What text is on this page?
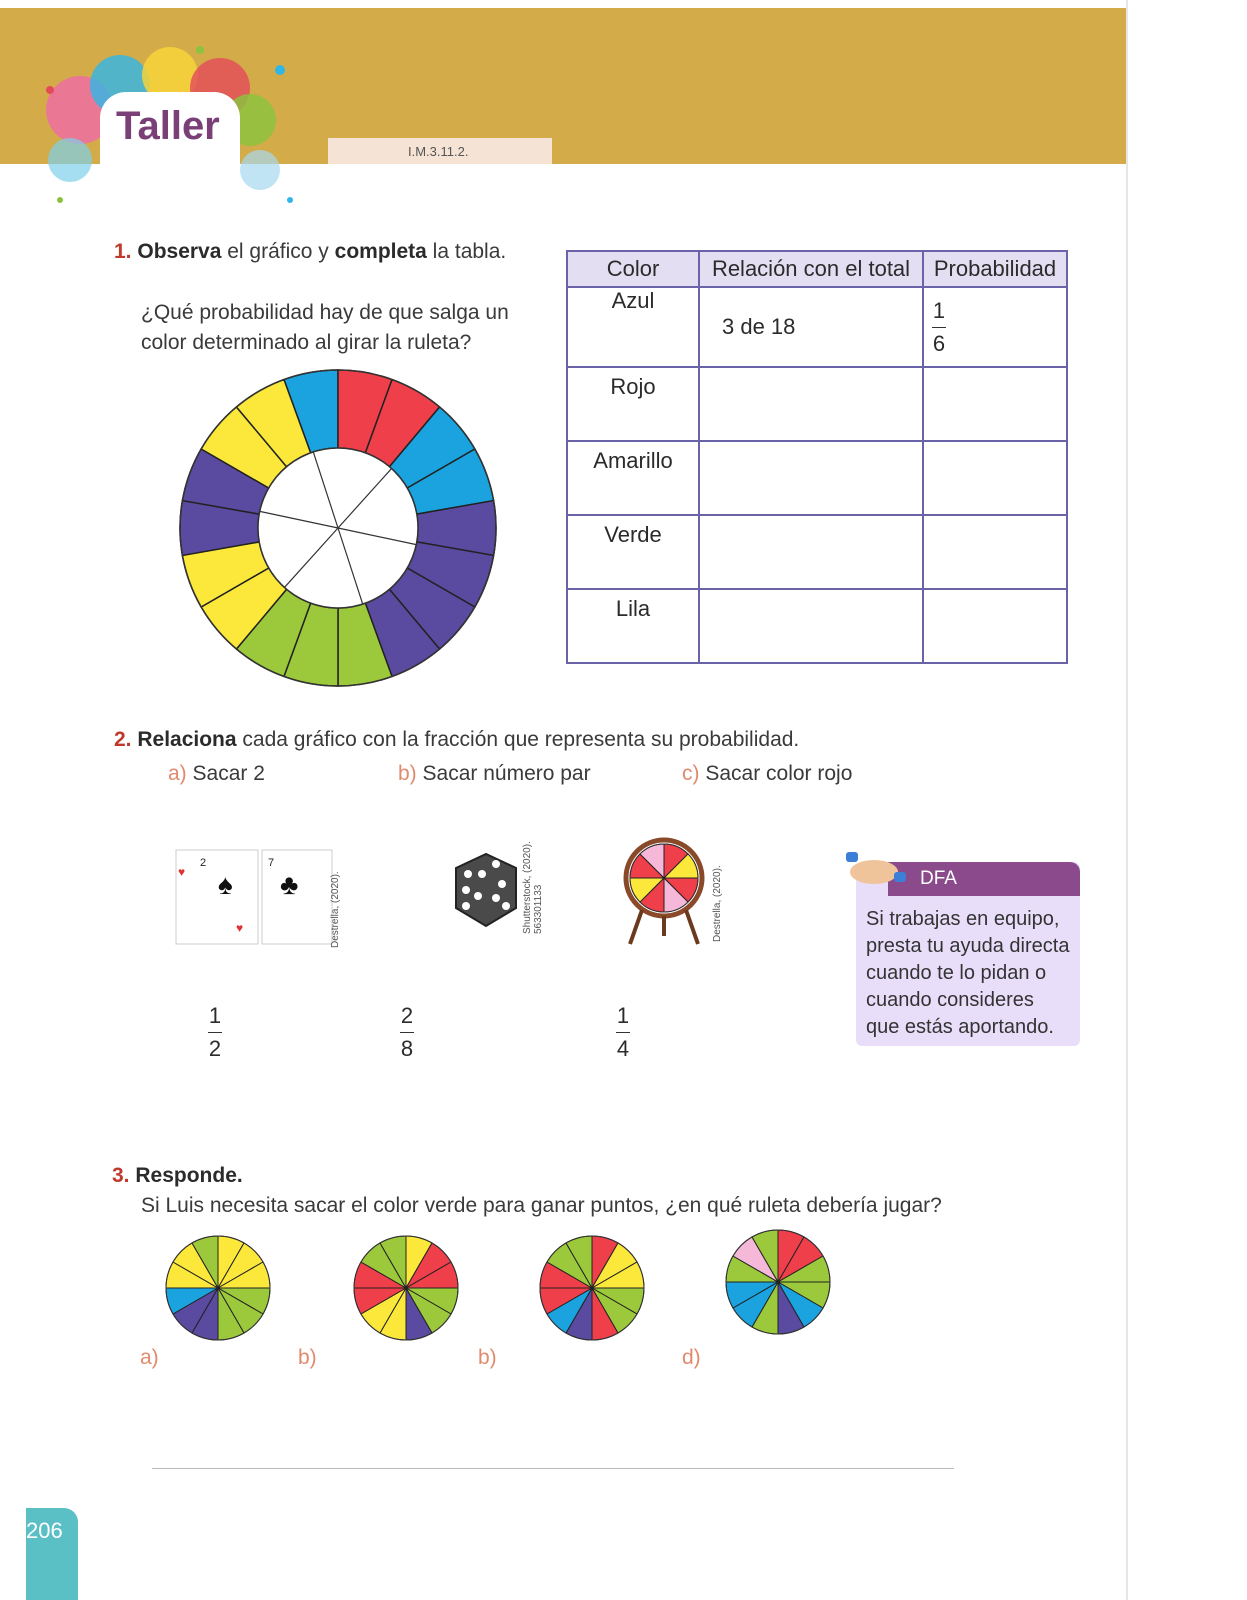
Taller
I.M.3.11.2.
1. Observa el gráfico y completa la tabla.
¿Qué probabilidad hay de que salga un
color determinado al girar la ruleta?
Color	Relación con el total	Probabilidad
Azul	3 de 18	$\frac{1}{6}$

Rojo		
Amarillo		
Verde		
Lila		
2. Relaciona cada gráfico con la fracción que representa su probabilidad.
a) Sacar 2	b) Sacar número par	c) Sacar color rojo
2
♠
7
♣
♥
♥	Destrella, (2020).	Shutterstock, (2020). 563301133	Destrella, (2020).
$\frac{1}{2}$	$\frac{2}{8}$	$\frac{1}{4}$
DFA
Si trabajas en equipo,
presta tu ayuda directa
cuando te lo pidan o
cuando consideres
que estás aportando.
3. Responde.
Si Luis necesita sacar el color verde para ganar puntos, ¿en qué ruleta debería jugar?
a)	b)	b)	d)
206
